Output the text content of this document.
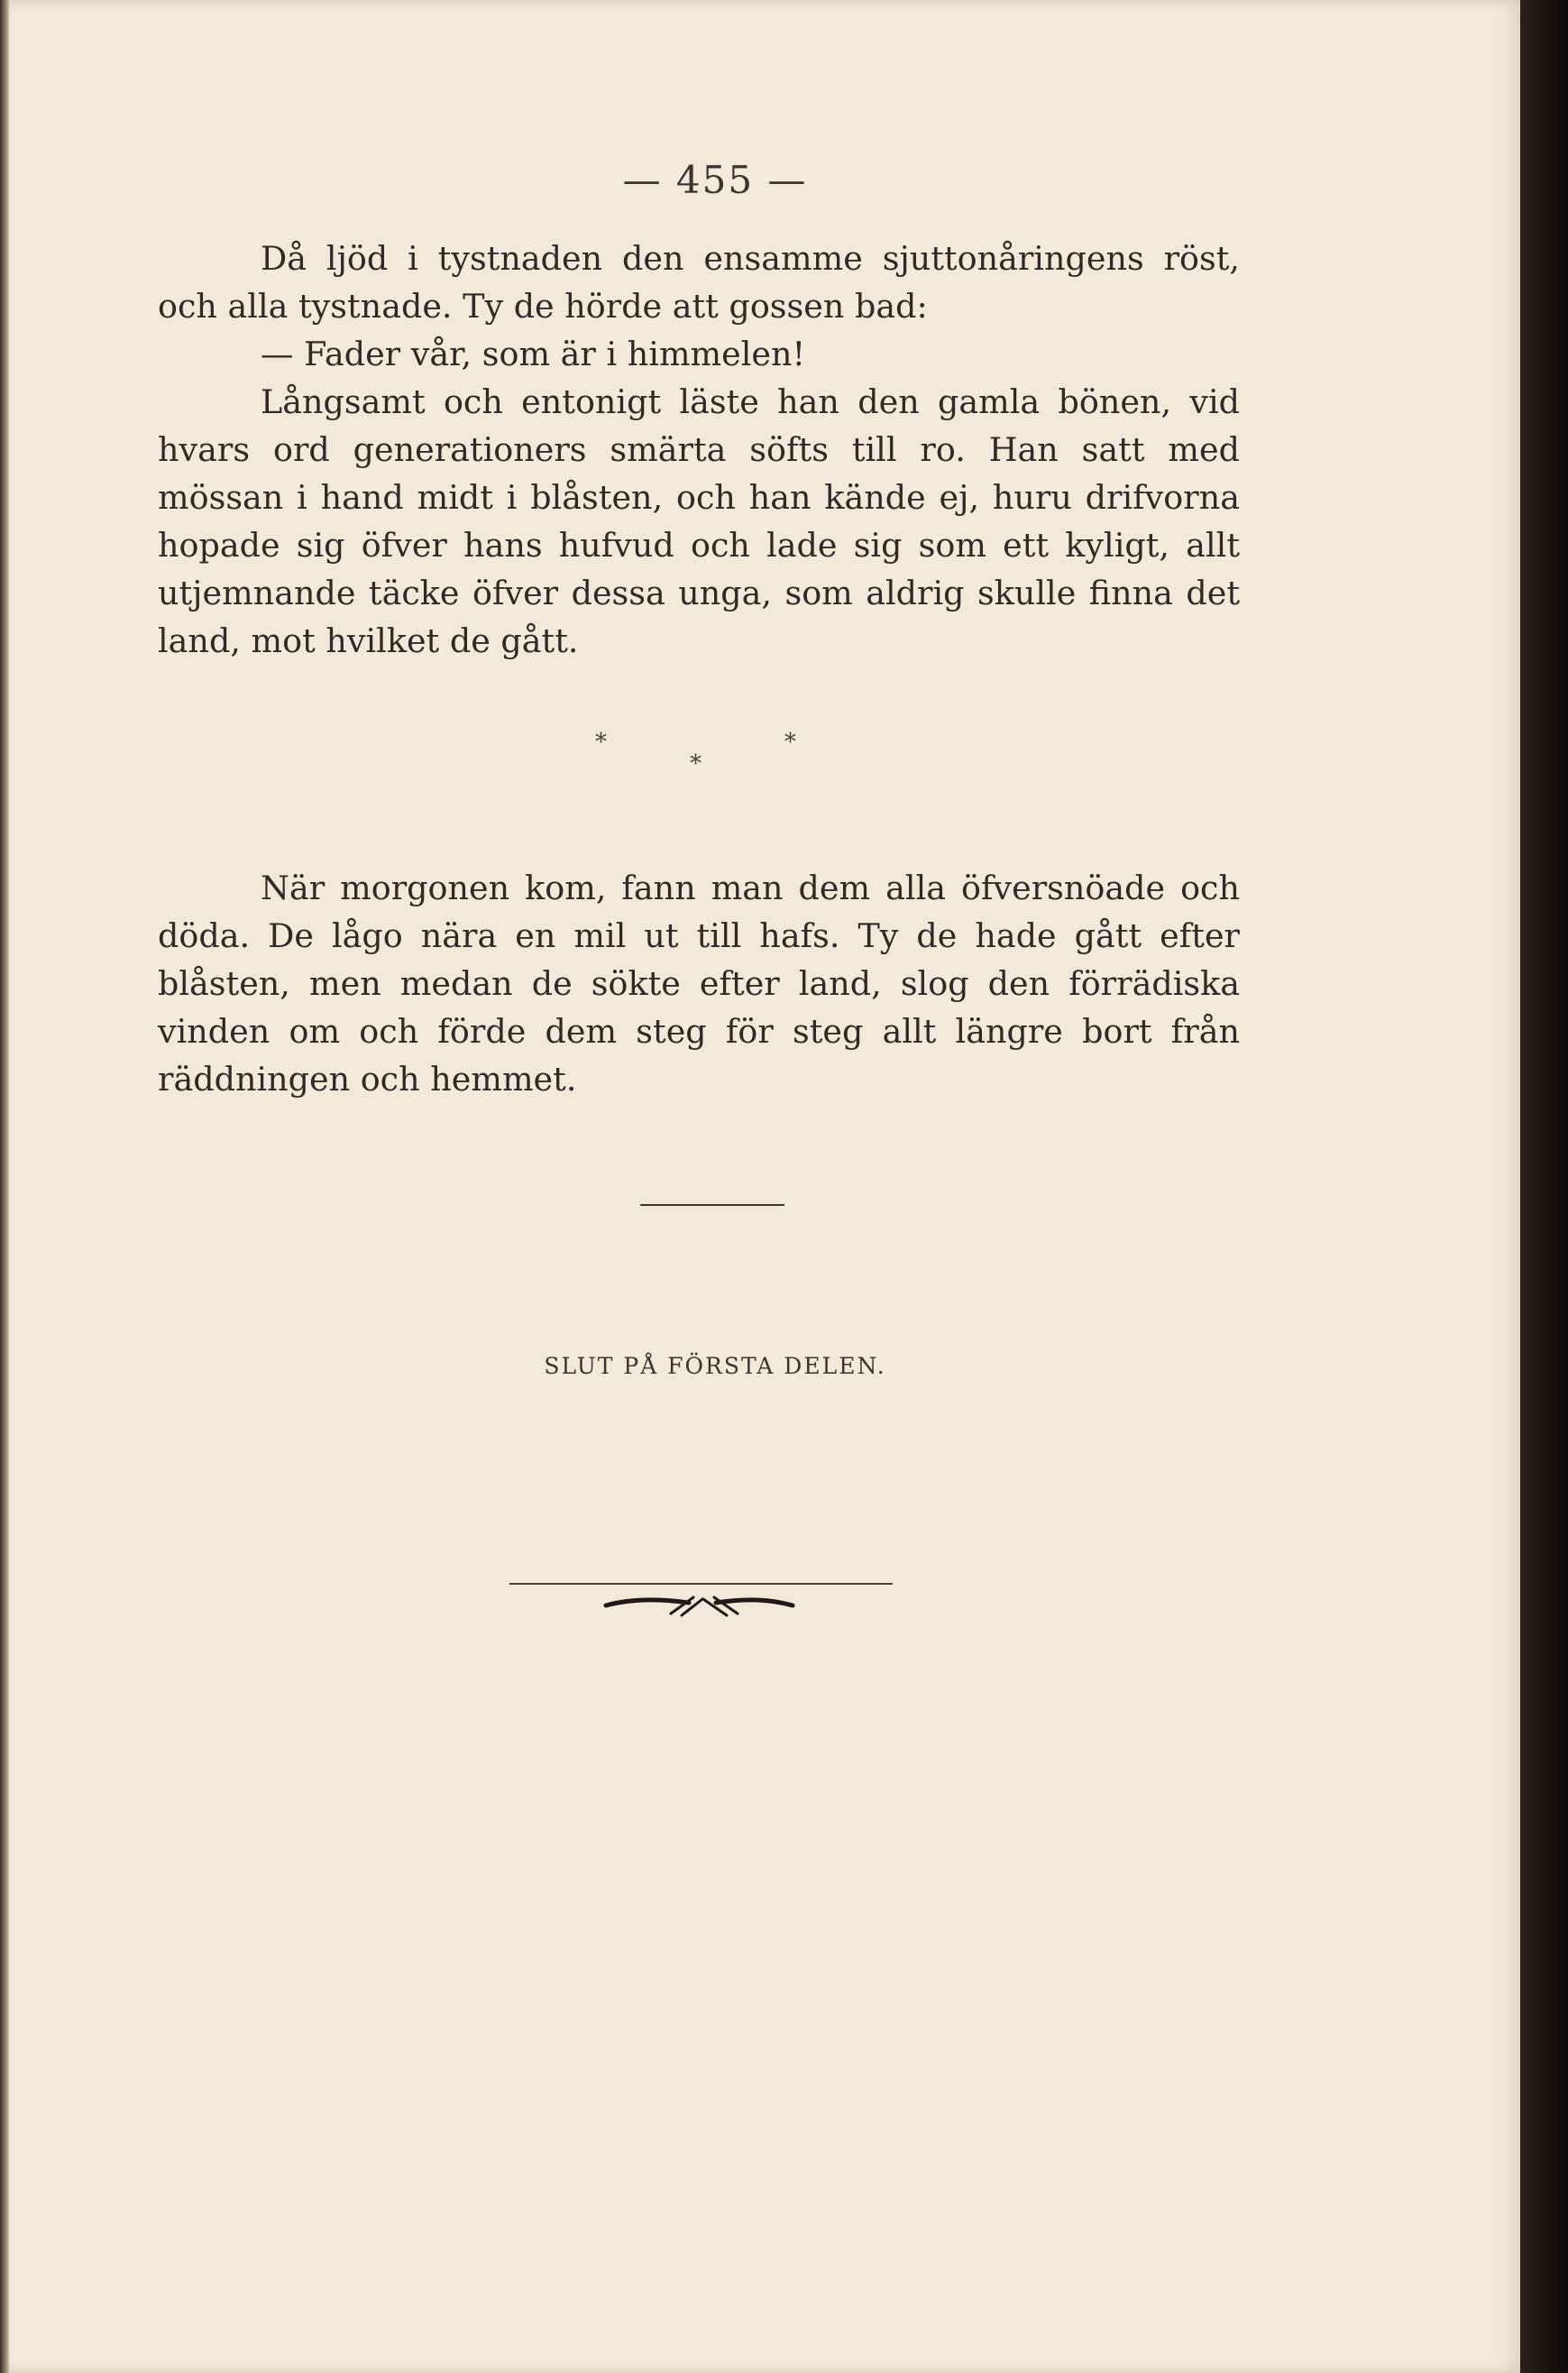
— 455 —

Då ljöd i tystnaden den ensamme sjuttonåringens röst, och alla tystnade. Ty de hörde att gossen bad:

— Fader vår, som är i himmelen!

Långsamt och entonigt läste han den gamla bönen, vid hvars ord generationers smärta söfts till ro. Han satt med mössan i hand midt i blåsten, och han kände ej, huru drifvorna hopade sig öfver hans hufvud och lade sig som ett kyligt, allt utjemnande täcke öfver dessa unga, som aldrig skulle finna det land, mot hvilket de gått.

*	*
*

När morgonen kom, fann man dem alla öfversnöade och döda. De lågo nära en mil ut till hafs. Ty de hade gått efter blåsten, men medan de sökte efter land, slog den förrädiska vinden om och förde dem steg för steg allt längre bort från räddningen och hemmet.

SLUT PÅ FÖRSTA DELEN.
